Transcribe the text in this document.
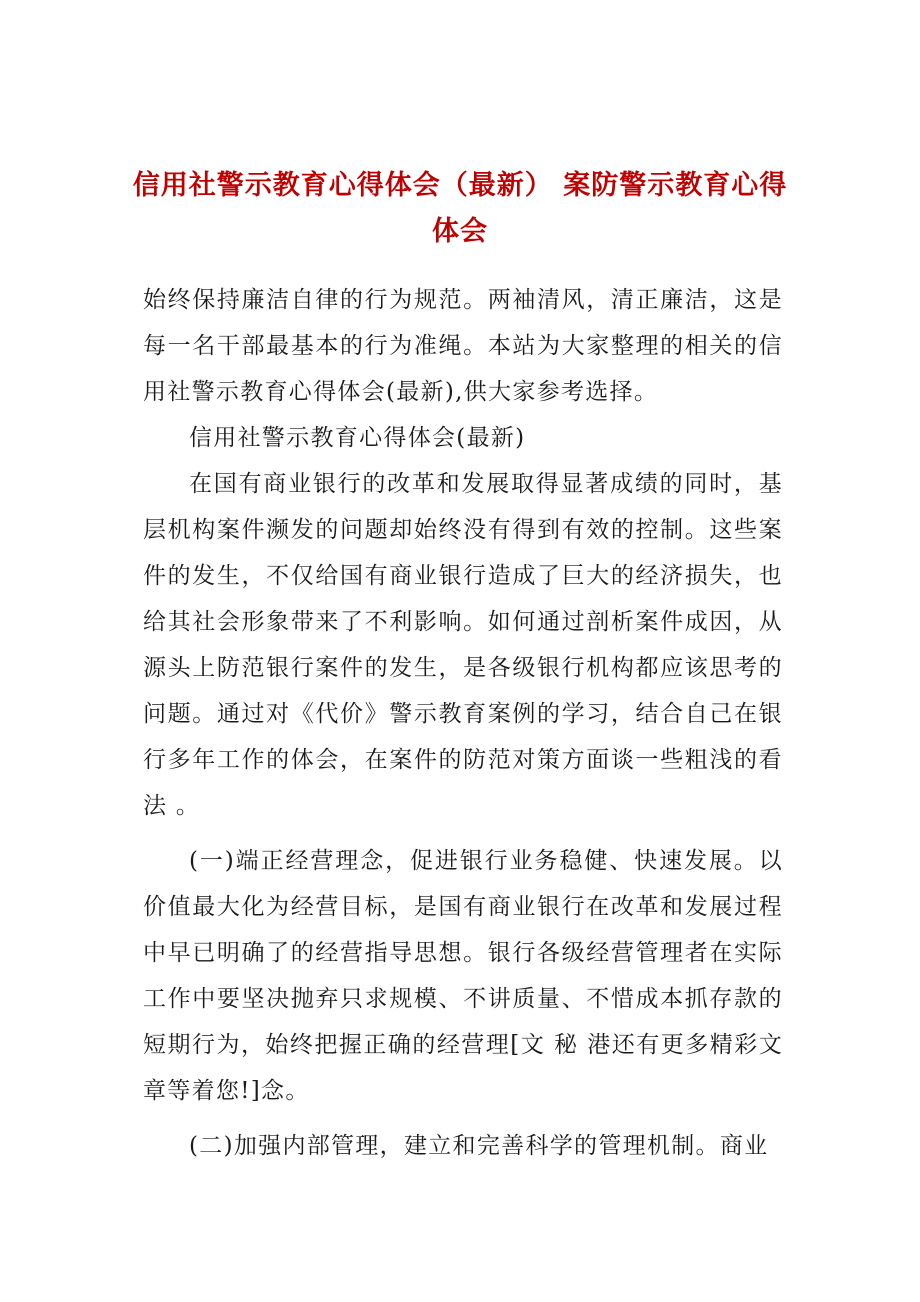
信用社警示教育心得体会（最新） 案防警示教育心得体会

始终保持廉洁自律的行为规范。两袖清风，清正廉洁，这是每一名干部最基本的行为准绳。本站为大家整理的相关的信用社警示教育心得体会(最新),供大家参考选择。

信用社警示教育心得体会(最新)

在国有商业银行的改革和发展取得显著成绩的同时，基层机构案件濒发的问题却始终没有得到有效的控制。这些案件的发生，不仅给国有商业银行造成了巨大的经济损失，也给其社会形象带来了不利影响。如何通过剖析案件成因，从源头上防范银行案件的发生，是各级银行机构都应该思考的问题。通过对《代价》警示教育案例的学习，结合自己在银行多年工作的体会，在案件的防范对策方面谈一些粗浅的看法 。

(一)端正经营理念，促进银行业务稳健、快速发展。以价值最大化为经营目标，是国有商业银行在改革和发展过程中早已明确了的经营指导思想。银行各级经营管理者在实际工作中要坚决抛弃只求规模、不讲质量、不惜成本抓存款的短期行为，始终把握正确的经营理[文 秘 港还有更多精彩文章等着您!]念。

(二)加强内部管理，建立和完善科学的管理机制。商业
